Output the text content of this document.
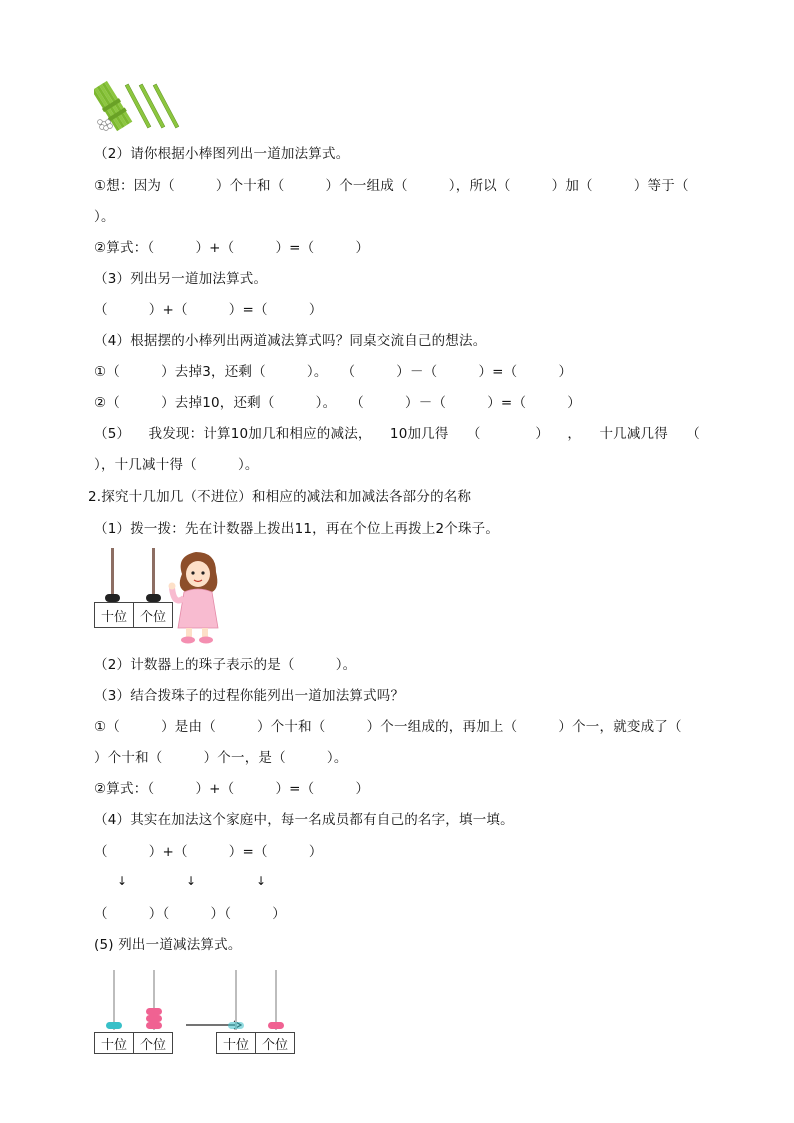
（2）请你根据小棒图列出一道加法算式。
①想：因为（　　　）个十和（　　　）个一组成（　　　），所以（　　　）加（　　　）等于（
）。
②算式：（　　　）+（　　　）=（　　　）
（3）列出另一道加法算式。
（　　　）+（　　　）=（　　　）
（4）根据摆的小棒列出两道减法算式吗？同桌交流自己的想法。
①（　　　）去掉3，还剩（　　　）。　　（　　　）－（　　　）=（　　　）
②（　　　）去掉10，还剩（　　　）。　　（　　　）－（　　　）=（　　　）
（5） 我发现：计算10加几和相应的减法， 10加几得 （　　　　） ， 十几减几得 （
），十几减十得（　　　）。
2.探究十几加几（不进位）和相应的减法和加减法各部分的名称
（1）拨一拨：先在计数器上拨出11，再在个位上再拨上2个珠子。
十位 个位
（2）计数器上的珠子表示的是（　　　）。
（3）结合拨珠子的过程你能列出一道加法算式吗？
①（　　　）是由（　　　）个十和（　　　）个一组成的，再加上（　　　）个一，就变成了（
）个十和（　　　）个一，是（　　　）。
②算式：（　　　）+（　　　）=（　　　）
（4）其实在加法这个家庭中，每一名成员都有自己的名字，填一填。
（　　　）+（　　　）=（　　　）
↓	↓	↓
（　　　）（　　　）（　　　）
(5) 列出一道减法算式。
十位 个位	十位 个位
